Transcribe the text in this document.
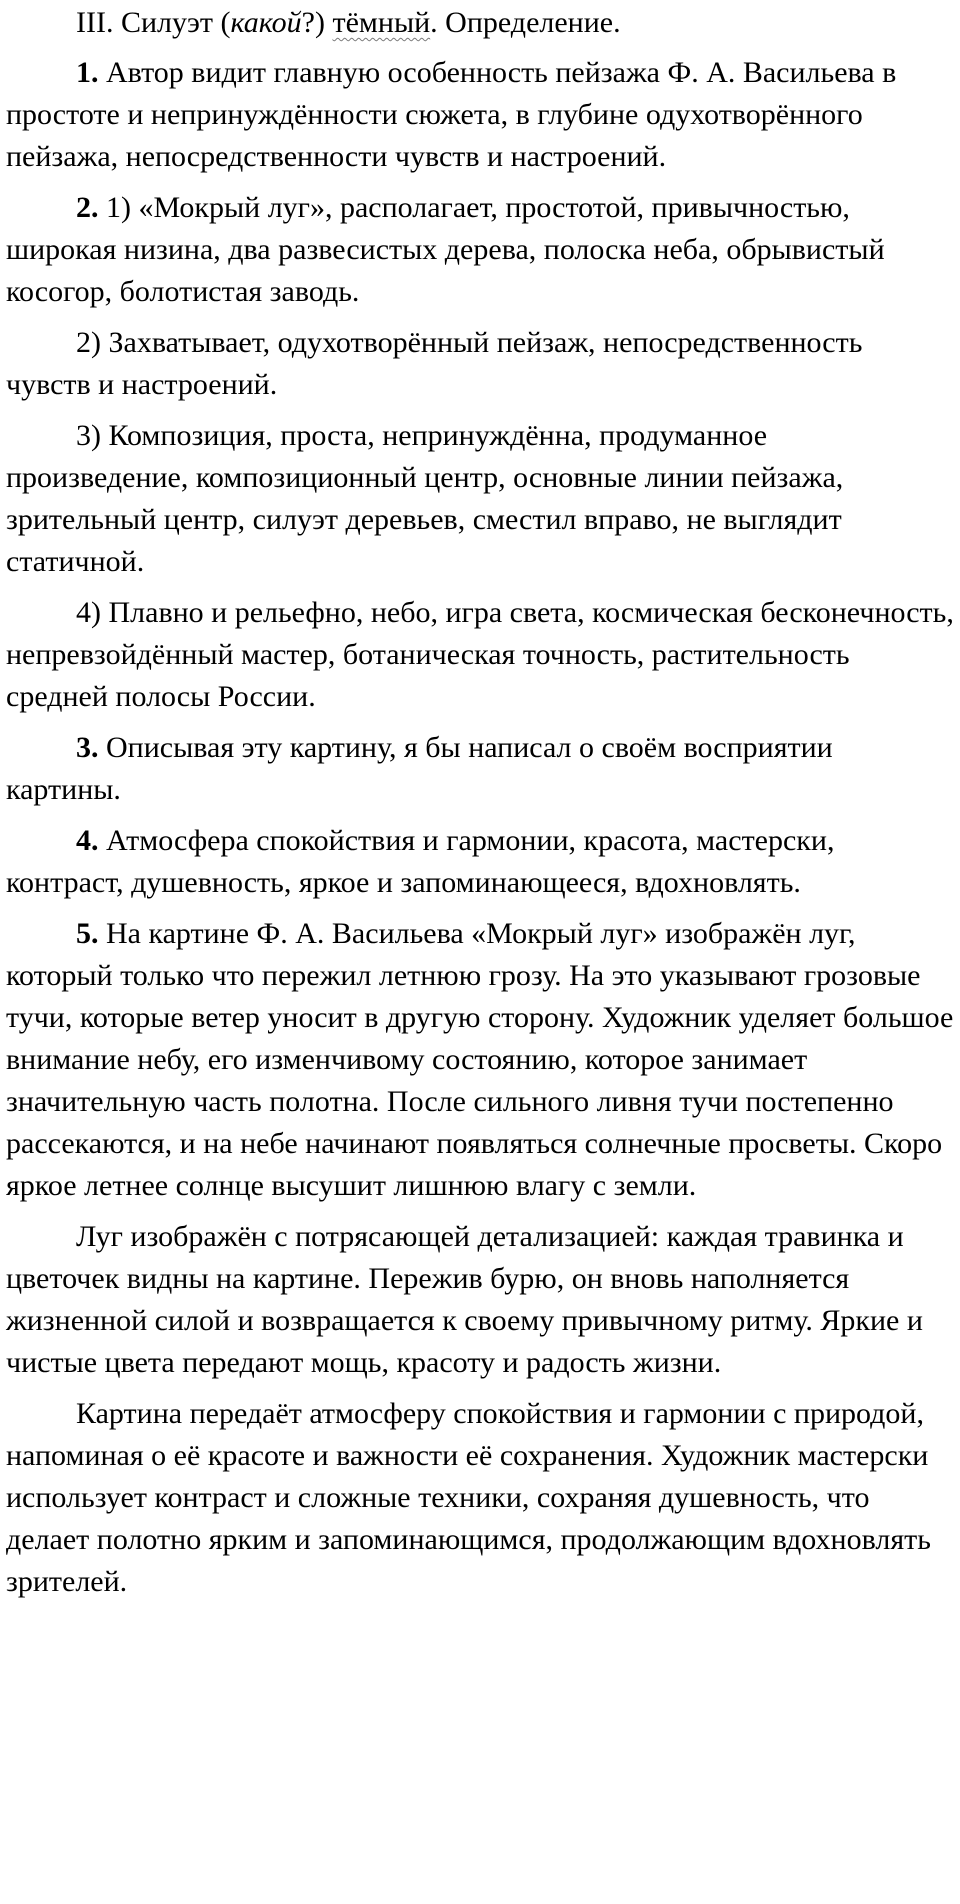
III. Силуэт (какой?) тёмный. Определение.

1. Автор видит главную особенность пейзажа Ф. А. Васильева в простоте и непринуждённости сюжета, в глубине одухотворённого пейзажа, непосредственности чувств и настроений.

2. 1) «Мокрый луг», располагает, простотой, привычностью, широкая низина, два развесистых дерева, полоска неба, обрывистый косогор, болотистая заводь.

2) Захватывает, одухотворённый пейзаж, непосредственность чувств и настроений.

3) Композиция, проста, непринуждённа, продуманное произведение, композиционный центр, основные линии пейзажа, зрительный центр, силуэт деревьев, сместил вправо, не выглядит статичной.

4) Плавно и рельефно, небо, игра света, космическая бесконечность, непревзойдённый мастер, ботаническая точность, растительность средней полосы России.

3. Описывая эту картину, я бы написал о своём восприятии картины.

4. Атмосфера спокойствия и гармонии, красота, мастерски, контраст, душевность, яркое и запоминающееся, вдохновлять.

5. На картине Ф. А. Васильева «Мокрый луг» изображён луг, который только что пережил летнюю грозу. На это указывают грозовые тучи, которые ветер уносит в другую сторону. Художник уделяет большое внимание небу, его изменчивому состоянию, которое занимает значительную часть полотна. После сильного ливня тучи постепенно рассекаются, и на небе начинают появляться солнечные просветы. Скоро яркое летнее солнце высушит лишнюю влагу с земли.

Луг изображён с потрясающей детализацией: каждая травинка и цветочек видны на картине. Пережив бурю, он вновь наполняется жизненной силой и возвращается к своему привычному ритму. Яркие и чистые цвета передают мощь, красоту и радость жизни.

Картина передаёт атмосферу спокойствия и гармонии с природой, напоминая о её красоте и важности её сохранения. Художник мастерски использует контраст и сложные техники, сохраняя душевность, что делает полотно ярким и запоминающимся, продолжающим вдохновлять зрителей.
